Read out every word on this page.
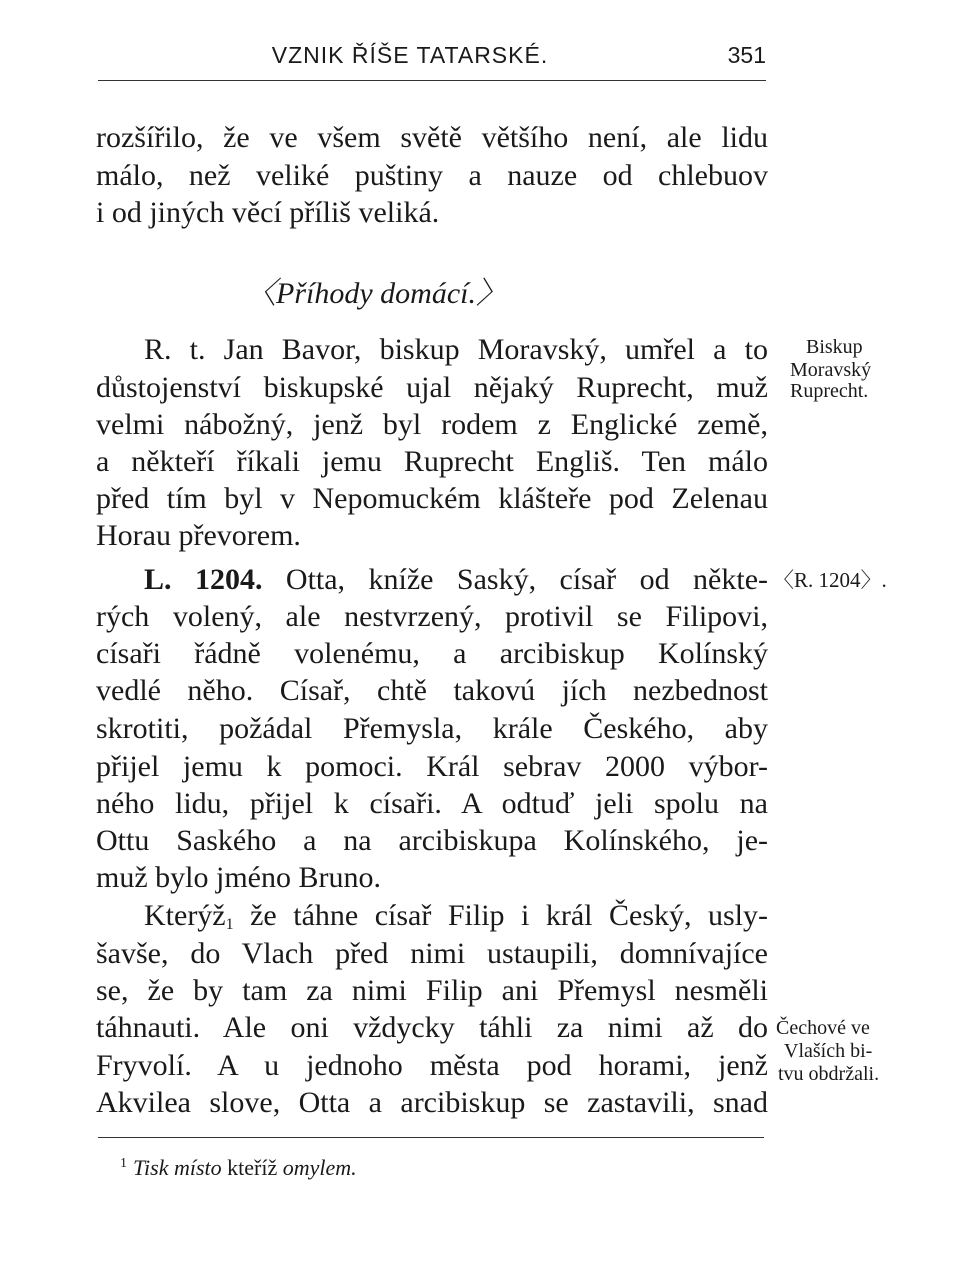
VZNIK ŘÍŠE TATARSKÉ.	351
rozšířilo, že ve všem světě většího není, ale lidu
málo, než veliké puštiny a nauze od chlebuov
i od jiných věcí příliš veliká.
〈Příhody domácí.〉
R. t. Jan Bavor, biskup Moravský, umřel a to
důstojenství biskupské ujal nějaký Ruprecht, muž
velmi nábožný, jenž byl rodem z Englické země,
a někteří říkali jemu Ruprecht Engliš. Ten málo
před tím byl v Nepomuckém klášteře pod Zelenau
Horau převorem.
L. 1204. Otta, kníže Saský, císař od někte-
rých volený, ale nestvrzený, protivil se Filipovi,
císaři řádně volenému, a arcibiskup Kolínský
vedlé něho. Císař, chtě takovú jích nezbednost
skrotiti, požádal Přemysla, krále Českého, aby
přijel jemu k pomoci. Král sebrav 2000 výbor-
ného lidu, přijel k císaři. A odtuď jeli spolu na
Ottu Saského a na arcibiskupa Kolínského, je-
muž bylo jméno Bruno.
Kterýž$_1$ že táhne císař Filip i král Český, usly-
šavše, do Vlach před nimi ustaupili, domnívajíce
se, že by tam za nimi Filip ani Přemysl nesměli
táhnauti. Ale oni vždycky táhli za nimi až do
Fryvolí. A u jednoho města pod horami, jenž
Akvilea slove, Otta a arcibiskup se zastavili, snad
Biskup
Moravský
Ruprecht.
〈R. 1204〉.
Čechové ve
Vlaších bi-
tvu obdržali.
$^1$ Tisk místo kteříž omylem.
